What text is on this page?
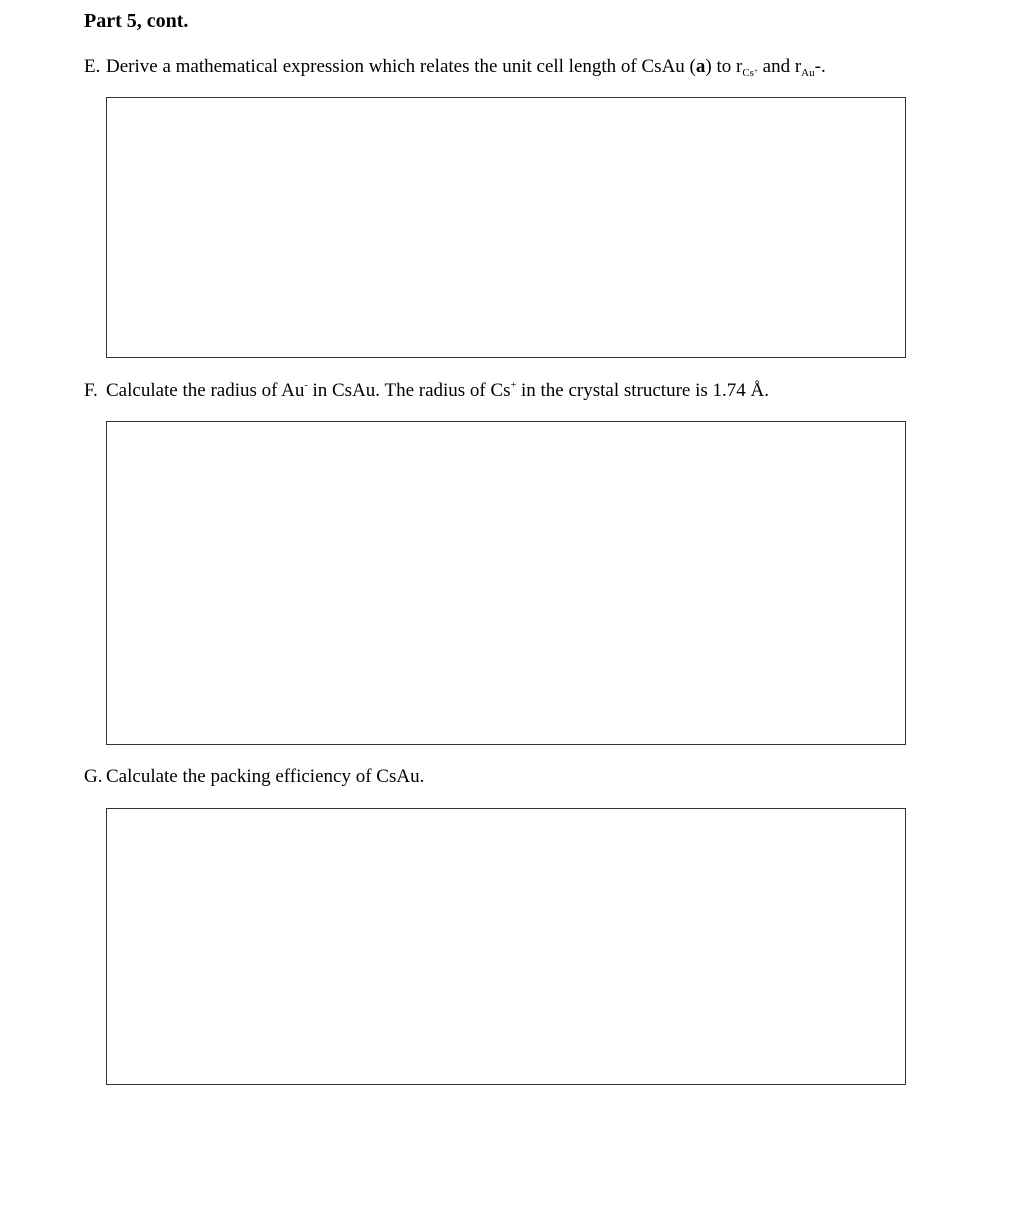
Part 5, cont.
E. Derive a mathematical expression which relates the unit cell length of CsAu (a) to $r_{Cs^+}$ and $r_{Au}-$.
F. Calculate the radius of Au- in CsAu. The radius of Cs+ in the crystal structure is 1.74 Å.
G. Calculate the packing efficiency of CsAu.
